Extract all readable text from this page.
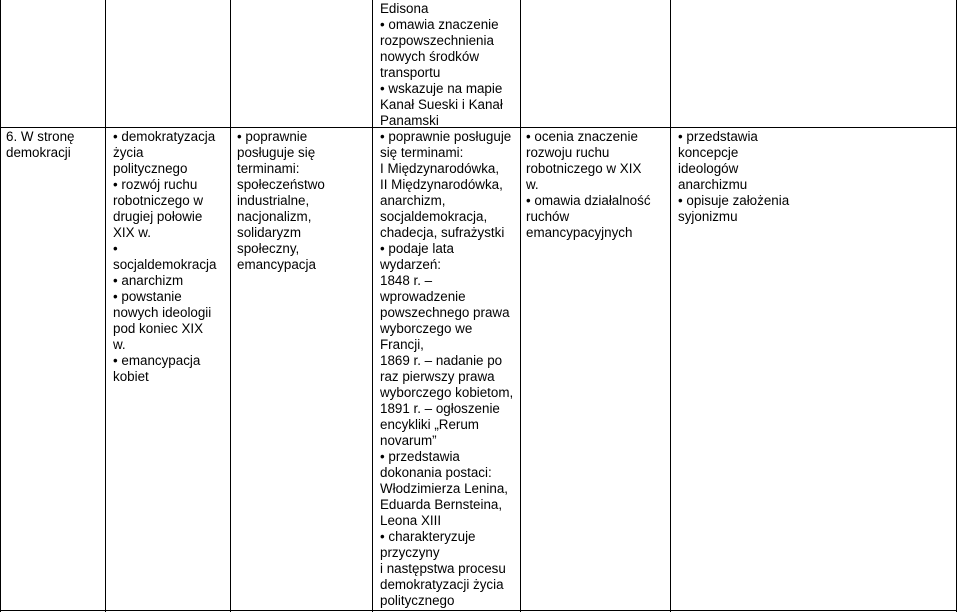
Edisona
• omawia znaczenie
rozpowszechnienia
nowych środków
transportu
• wskazuje na mapie
Kanał Sueski i Kanał
Panamski
6. W stronę
demokracji
• demokratyzacja
życia
politycznego
• rozwój ruchu
robotniczego w
drugiej połowie
XIX w.
•
socjaldemokracja
• anarchizm
• powstanie
nowych ideologii
pod koniec XIX
w.
• emancypacja
kobiet
• poprawnie
posługuje się
terminami:
społeczeństwo
industrialne,
nacjonalizm,
solidaryzm
społeczny,
emancypacja
• poprawnie posługuje
się terminami:
I Międzynarodówka,
II Międzynarodówka,
anarchizm,
socjaldemokracja,
chadecja, sufrażystki
• podaje lata
wydarzeń:
1848 r. –
wprowadzenie
powszechnego prawa
wyborczego we
Francji,
1869 r. – nadanie po
raz pierwszy prawa
wyborczego kobietom,
1891 r. – ogłoszenie
encykliki „Rerum
novarum”
• przedstawia
dokonania postaci:
Włodzimierza Lenina,
Eduarda Bernsteina,
Leona XIII
• charakteryzuje
przyczyny
i następstwa procesu
demokratyzacji życia
politycznego
• ocenia znaczenie
rozwoju ruchu
robotniczego w XIX
w.
• omawia działalność
ruchów
emancypacyjnych
• przedstawia
koncepcje
ideologów
anarchizmu
• opisuje założenia
syjonizmu
